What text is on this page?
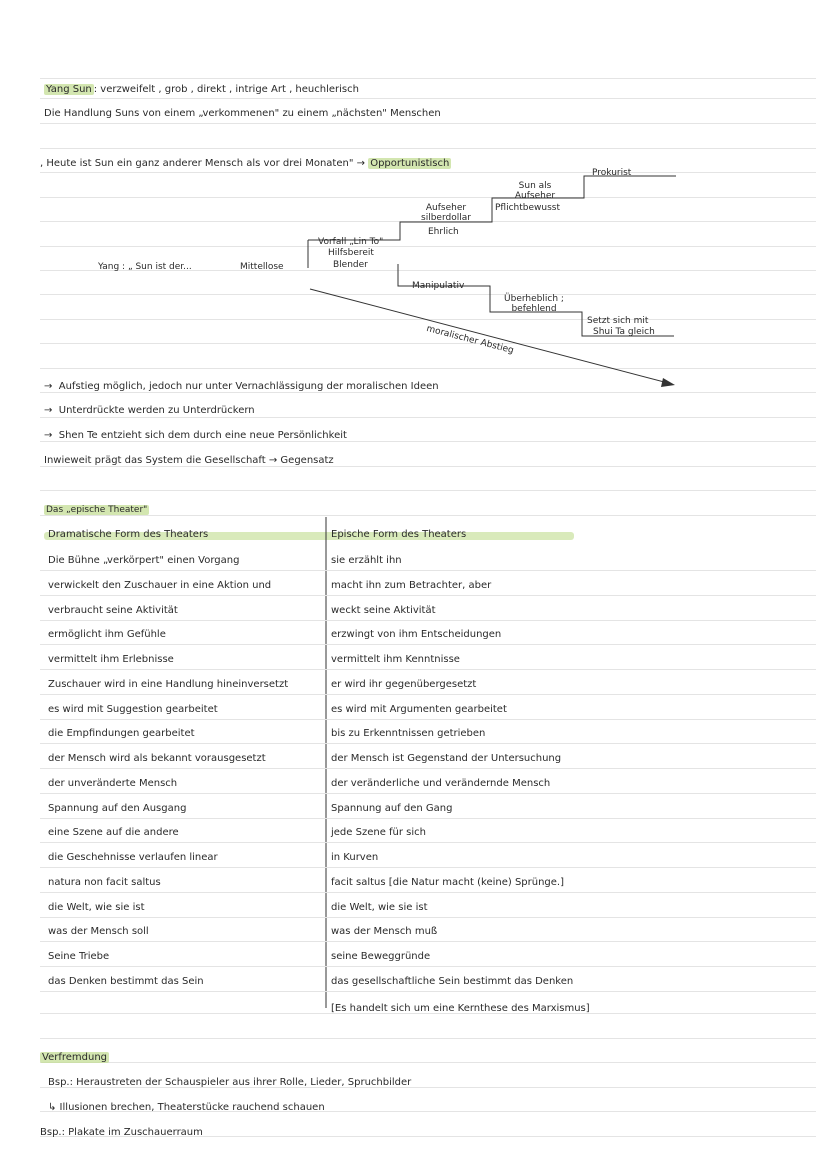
Yang Sun : verzweifelt , grob , direkt , intrige Art , heuchlerisch
Die Handlung Suns von einem „verkommenen" zu einem „nächsten" Menschen
, Heute ist Sun ein ganz anderer Mensch als vor drei Monaten" → Opportunistisch
Yang : „ Sun ist der...	Mittellose
Vorfall „Lin To"
Hilfsbereit
Blender
Aufseher
silberdollar
Ehrlich
Sun als
Aufseher
Pflichtbewusst
Prokurist
Manipulativ
Überheblich ;
befehlend
Setzt sich mit
Shui Ta gleich
moralischer Abstieg
→ Aufstieg möglich, jedoch nur unter Vernachlässigung der moralischen Ideen
→ Unterdrückte werden zu Unterdrückern
→ Shen Te entzieht sich dem durch eine neue Persönlichkeit
Inwieweit prägt das System die Gesellschaft → Gegensatz
Das „epische Theater"
Dramatische Form des Theaters	Epische Form des Theaters
Die Bühne „verkörpert" einen Vorgang	sie erzählt ihn
verwickelt den Zuschauer in eine Aktion und	macht ihn zum Betrachter, aber
verbraucht seine Aktivität	weckt seine Aktivität
ermöglicht ihm Gefühle	erzwingt von ihm Entscheidungen
vermittelt ihm Erlebnisse	vermittelt ihm Kenntnisse
Zuschauer wird in eine Handlung hineinversetzt	er wird ihr gegenübergesetzt
es wird mit Suggestion gearbeitet	es wird mit Argumenten gearbeitet
die Empfindungen gearbeitet	bis zu Erkenntnissen getrieben
der Mensch wird als bekannt vorausgesetzt	der Mensch ist Gegenstand der Untersuchung
der unveränderte Mensch	der veränderliche und verändernde Mensch
Spannung auf den Ausgang	Spannung auf den Gang
eine Szene auf die andere	jede Szene für sich
die Geschehnisse verlaufen linear	in Kurven
natura non facit saltus	facit saltus [die Natur macht (keine) Sprünge.]
die Welt, wie sie ist	die Welt, wie sie ist
was der Mensch soll	was der Mensch muß
Seine Triebe	seine Beweggründe
das Denken bestimmt das Sein	das gesellschaftliche Sein bestimmt das Denken
[Es handelt sich um eine Kernthese des Marxismus]
Verfremdung
Bsp.: Heraustreten der Schauspieler aus ihrer Rolle, Lieder, Spruchbilder
↳ Illusionen brechen, Theaterstücke rauchend schauen
Bsp.: Plakate im Zuschauerraum
